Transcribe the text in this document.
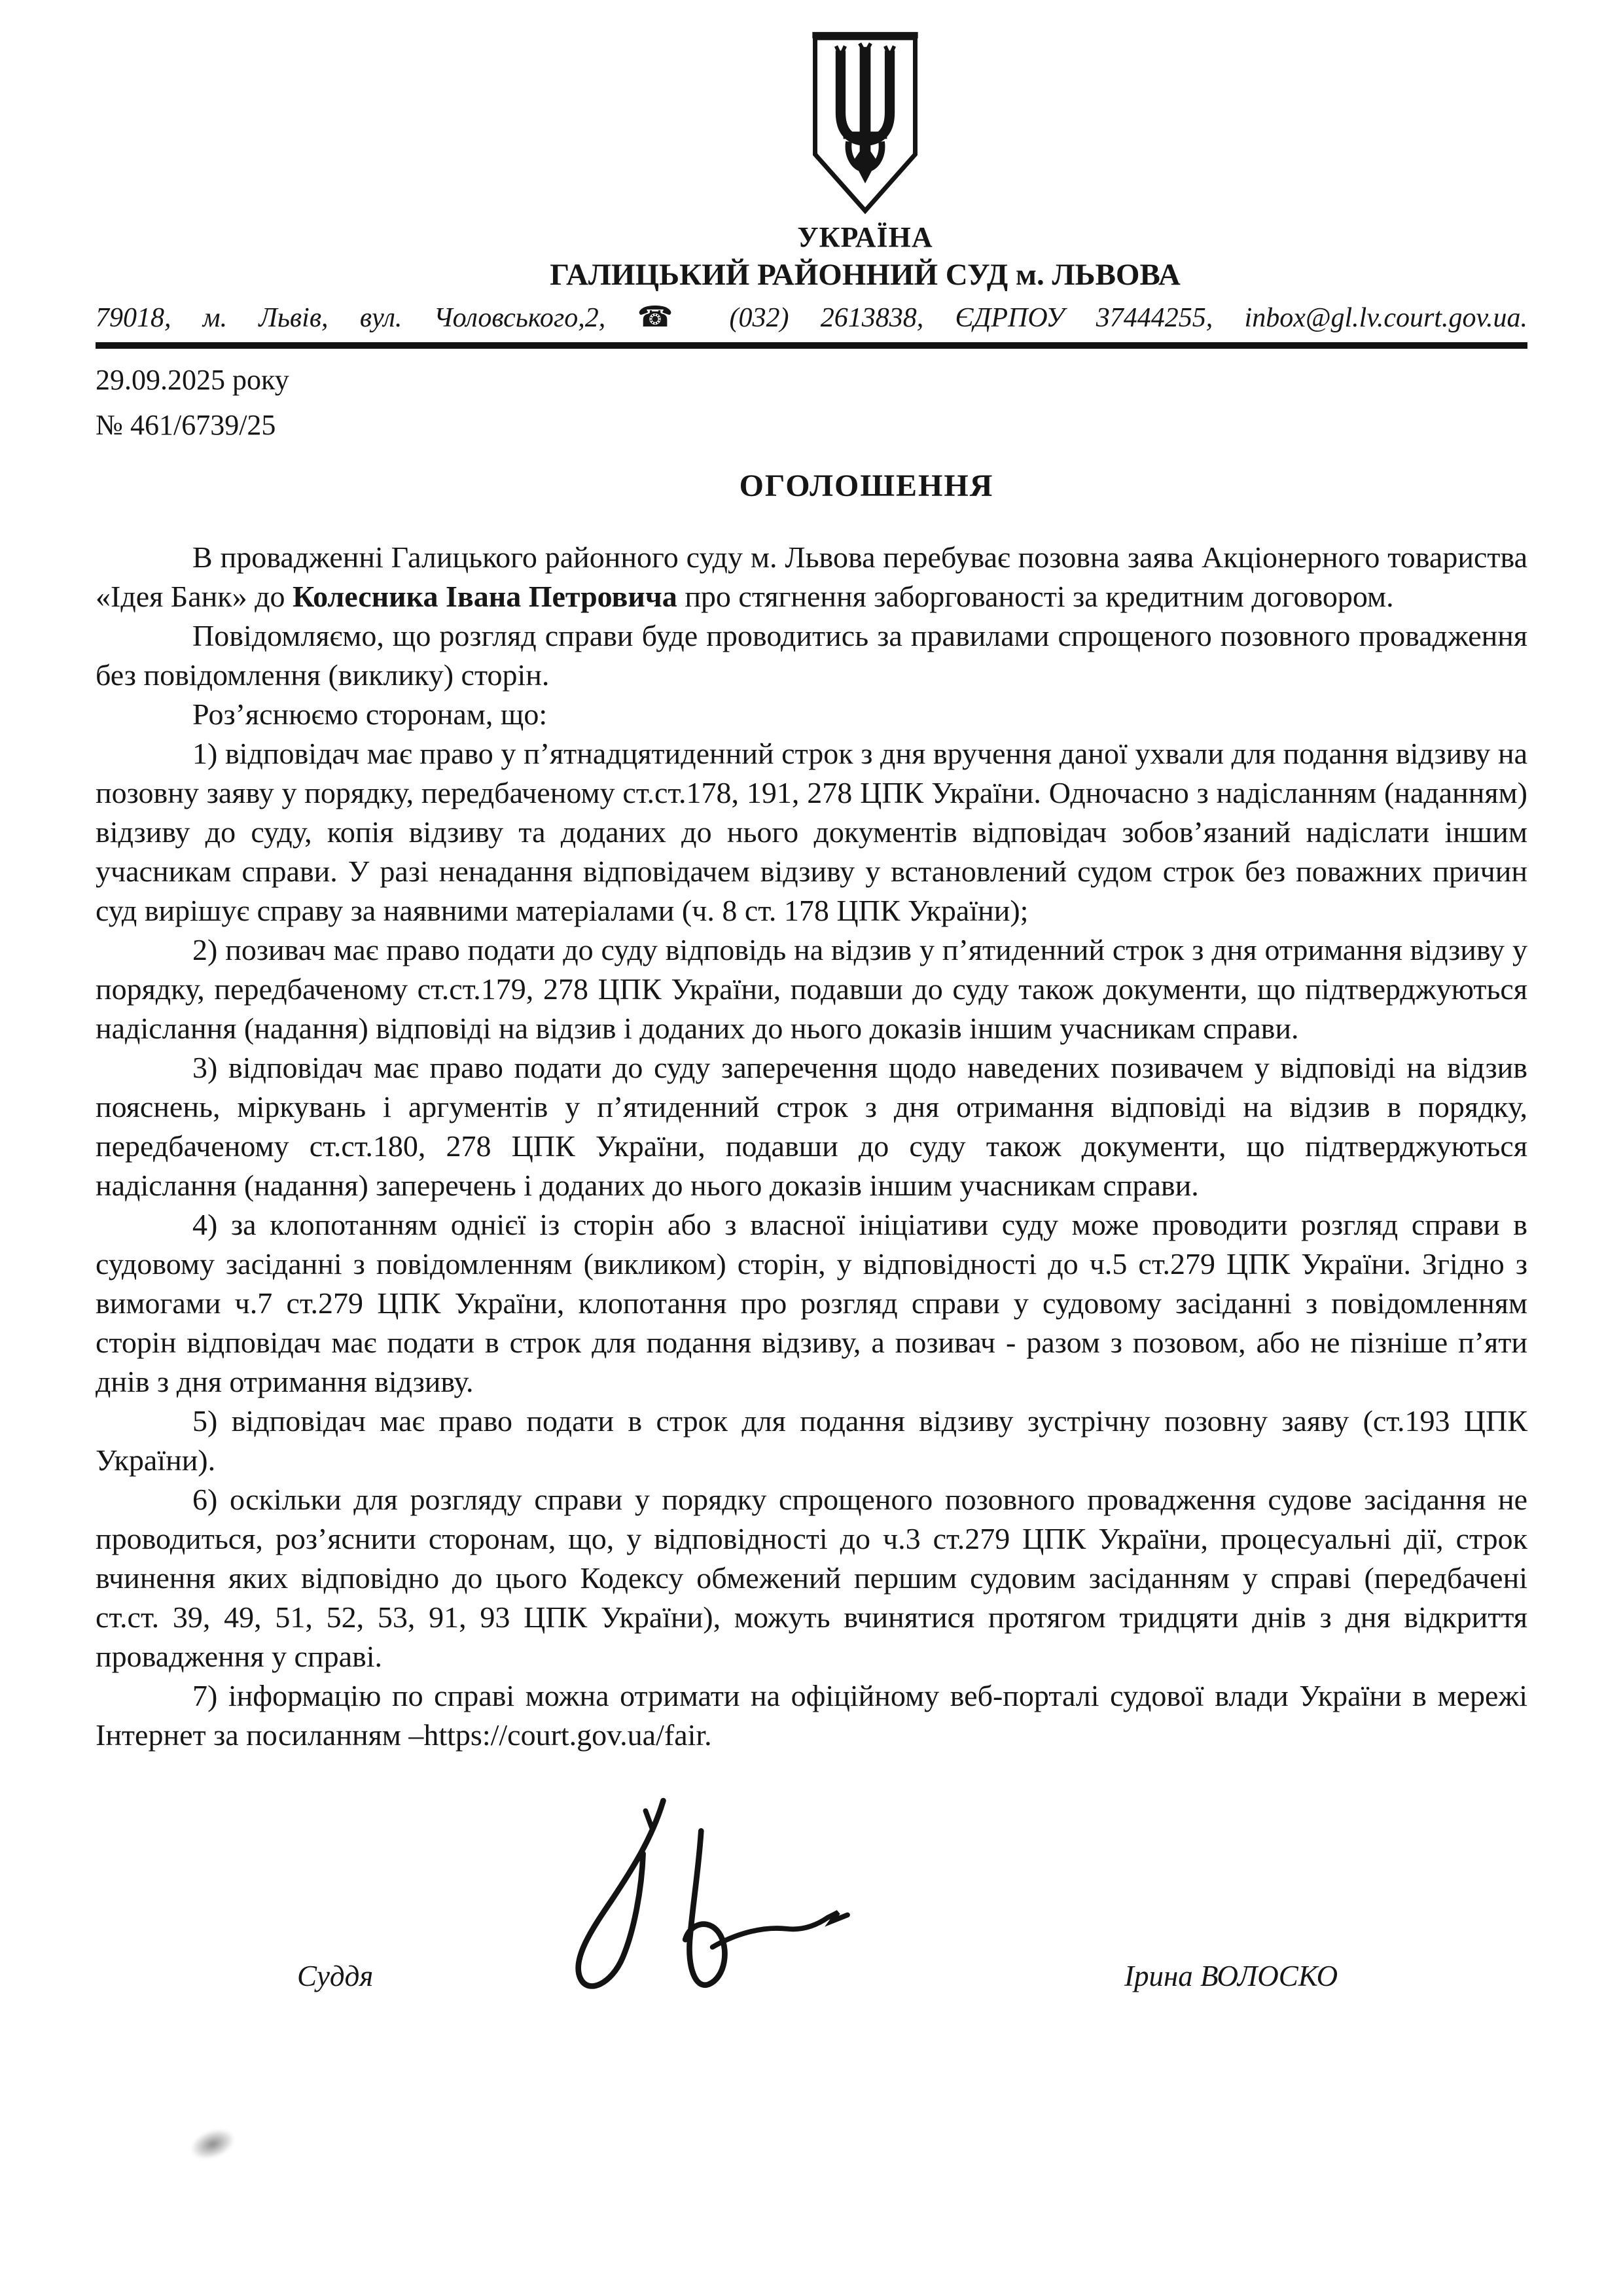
УКРАЇНА
ГАЛИЦЬКИЙ РАЙОННИЙ СУД м. ЛЬВОВА
79018, м. Львів, вул. Чоловського,2, ☎ (032) 2613838, ЄДРПОУ 37444255, inbox@gl.lv.court.gov.ua.
29.09.2025 року
№ 461/6739/25
ОГОЛОШЕННЯ

В провадженні Галицького районного суду м. Львова перебуває позовна заява Акціонерного товариства «Ідея Банк» до Колесника Івана Петровича про стягнення заборгованості за кредитним договором.

Повідомляємо, що розгляд справи буде проводитись за правилами спрощеного позовного провадження без повідомлення (виклику) сторін.

Роз’яснюємо сторонам, що:

1) відповідач має право у п’ятнадцятиденний строк з дня вручення даної ухвали для подання відзиву на позовну заяву у порядку, передбаченому ст.ст.178, 191, 278 ЦПК України. Одночасно з надісланням (наданням) відзиву до суду, копія відзиву та доданих до нього документів відповідач зобов’язаний надіслати іншим учасникам справи. У разі ненадання відповідачем відзиву у встановлений судом строк без поважних причин суд вирішує справу за наявними матеріалами (ч. 8 ст. 178 ЦПК України);

2) позивач має право подати до суду відповідь на відзив у п’ятиденний строк з дня отримання відзиву у порядку, передбаченому ст.ст.179, 278 ЦПК України, подавши до суду також документи, що підтверджуються надіслання (надання) відповіді на відзив і доданих до нього доказів іншим учасникам справи.

3) відповідач має право подати до суду заперечення щодо наведених позивачем у відповіді на відзив пояснень, міркувань і аргументів у п’ятиденний строк з дня отримання відповіді на відзив в порядку, передбаченому ст.ст.180, 278 ЦПК України, подавши до суду також документи, що підтверджуються надіслання (надання) заперечень і доданих до нього доказів іншим учасникам справи.

4) за клопотанням однієї із сторін або з власної ініціативи суду може проводити розгляд справи в судовому засіданні з повідомленням (викликом) сторін, у відповідності до ч.5 ст.279 ЦПК України. Згідно з вимогами ч.7 ст.279 ЦПК України, клопотання про розгляд справи у судовому засіданні з повідомленням сторін відповідач має подати в строк для подання відзиву, а позивач - разом з позовом, або не пізніше п’яти днів з дня отримання відзиву.

5) відповідач має право подати в строк для подання відзиву зустрічну позовну заяву (ст.193 ЦПК України).

6) оскільки для розгляду справи у порядку спрощеного позовного провадження судове засідання не проводиться, роз’яснити сторонам, що, у відповідності до ч.3 ст.279 ЦПК України, процесуальні дії, строк вчинення яких відповідно до цього Кодексу обмежений першим судовим засіданням у справі (передбачені ст.ст. 39, 49, 51, 52, 53, 91, 93 ЦПК України), можуть вчинятися протягом тридцяти днів з дня відкриття провадження у справі.

7) інформацію по справі можна отримати на офіційному веб-порталі судової влади України в мережі Інтернет за посиланням –https://court.gov.ua/fair.

Суддя	Ірина ВОЛОСКО
